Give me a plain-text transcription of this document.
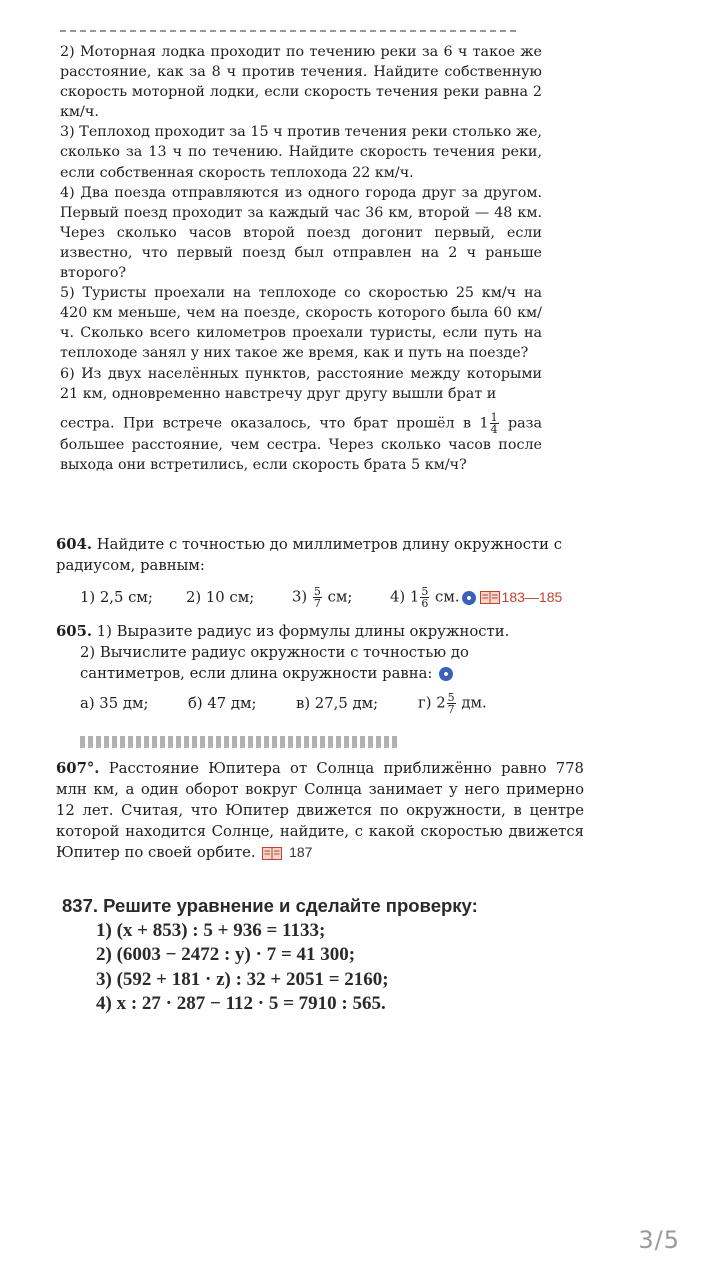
2) Моторная лодка проходит по течению реки за 6 ч такое же расстояние, как за 8 ч против течения. Найдите собственную скорость моторной лодки, если скорость течения реки равна 2 км/ч.

3) Теплоход проходит за 15 ч против течения реки столько же, сколько за 13 ч по течению. Найдите скорость течения реки, если собственная скорость теплохода 22 км/ч.

4) Два поезда отправляются из одного города друг за другом. Первый поезд проходит за каждый час 36 км, второй — 48 км. Через сколько часов второй поезд догонит первый, если известно, что первый поезд был отправлен на 2 ч раньше второго?

5) Туристы проехали на теплоходе со скоростью 25 км/ч на 420 км меньше, чем на поезде, скорость которого была 60 км/ч. Сколько всего километров проехали туристы, если путь на теплоходе занял у них такое же время, как и путь на поезде?

6) Из двух населённых пунктов, расстояние между которыми 21 км, одновременно навстречу друг другу вышли брат и

сестра. При встрече оказалось, что брат прошёл в $1 \frac{1}{4}$ раза большее расстояние, чем сестра. Через сколько часов после выхода они встретились, если скорость брата 5 км/ч?

604. Найдите с точностью до миллиметров длину окружности с радиусом, равным:

1) 2,5 см;	2) 10 см;	$3) \frac{5}{7}$ см;	4) $1 \frac{5}{6}$ см.	183—185

605. 1) Выразите радиус из формулы длины окружности.

2) Вычислите радиус окружности с точностью до сантиметров, если длина окружности равна:

а) 35 дм;	б) 47 дм;	в) 27,5 дм;	г) $2 \frac{5}{7}$ дм.

607°. Расстояние Юпитера от Солнца приближённо равно 778 млн км, а один оборот вокруг Солнца занимает у него примерно 12 лет. Считая, что Юпитер движется по окружности, в центре которой находится Солнце, найдите, с какой скоростью движется Юпитер по своей орбите. 187

837. Решите уравнение и сделайте проверку:

1) (x + 853) : 5 + 936 = 1133;

2) (6003 − 2472 : y) · 7 = 41 300;

3) (592 + 181 · z) : 32 + 2051 = 2160;

4) x : 27 · 287 − 112 · 5 = 7910 : 565.

3/5
